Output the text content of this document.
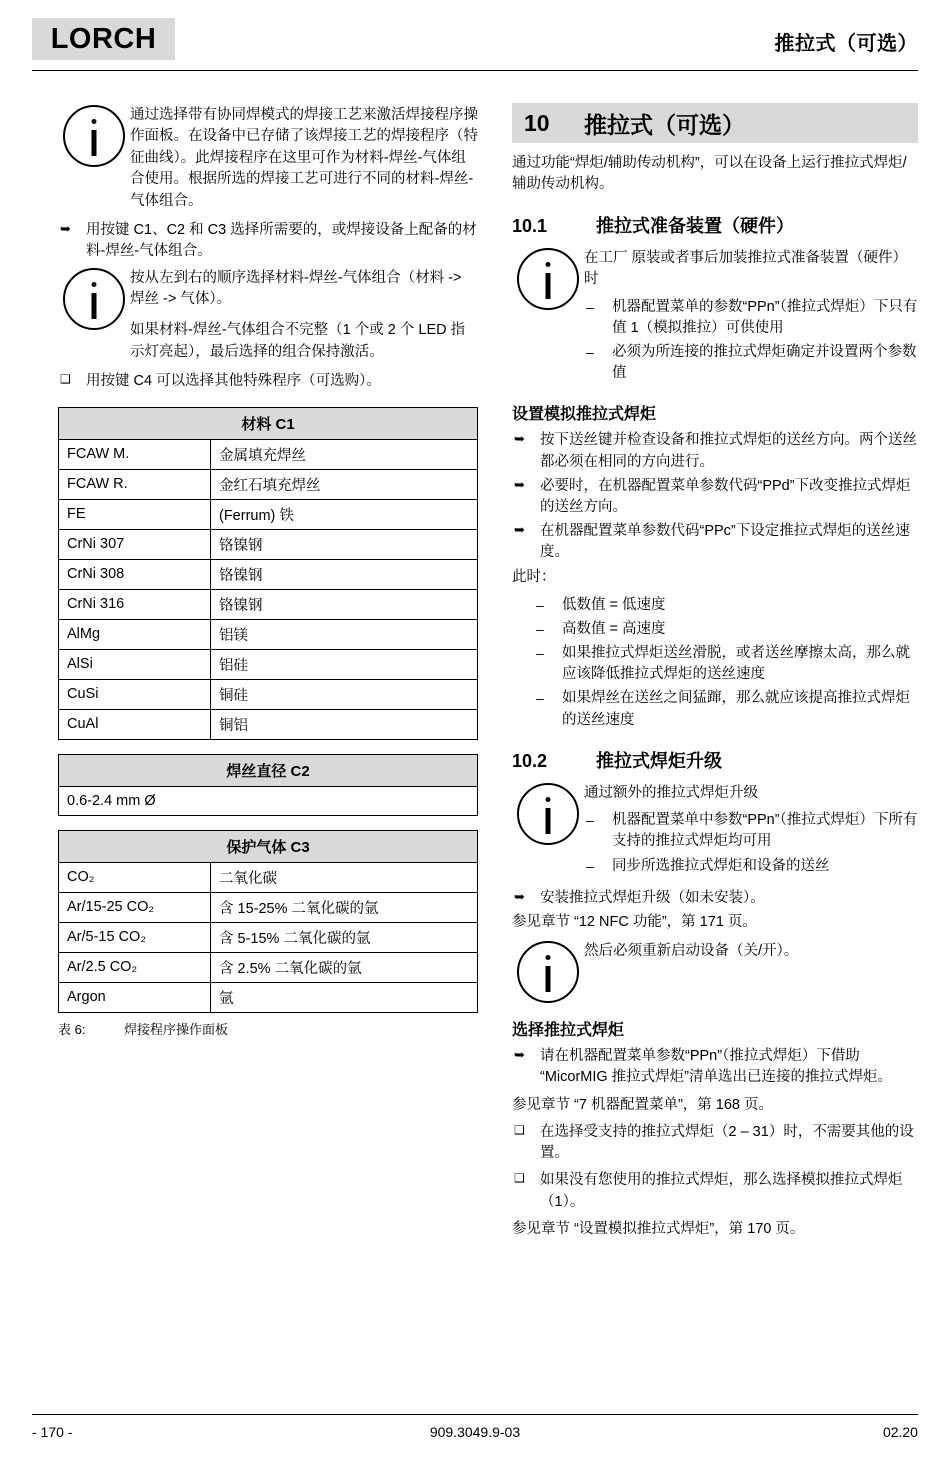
LORCH	推拉式（可选）
通过选择带有协同焊模式的焊接工艺来激活焊接程序操作面板。在设备中已存储了该焊接工艺的焊接程序（特征曲线）。此焊接程序在这里可作为材料-焊丝-气体组合使用。根据所选的焊接工艺可进行不同的材料-焊丝-气体组合。
➥	用按键 C1、C2 和 C3 选择所需要的，或焊接设备上配备的材料-焊丝-气体组合。
按从左到右的顺序选择材料-焊丝-气体组合（材料 -> 焊丝 -> 气体）。
如果材料-焊丝-气体组合不完整（1 个或 2 个 LED 指示灯亮起），最后选择的组合保持激活。
❑	用按键 C4 可以选择其他特殊程序（可选购）。
材料 C1	
FCAW M.	金属填充焊丝
FCAW R.	金红石填充焊丝
FE	(Ferrum) 铁
CrNi 307	铬镍钢
CrNi 308	铬镍钢
CrNi 316	铬镍钢
AlMg	铝镁
AlSi	铝硅
CuSi	铜硅
CuAl	铜铝
焊丝直径 C2
0.6-2.4 mm Ø
保护气体 C3	
CO₂	二氧化碳
Ar/15-25 CO₂	含 15-25% 二氧化碳的氩
Ar/5-15 CO₂	含 5-15% 二氧化碳的氩
Ar/2.5 CO₂	含 2.5% 二氧化碳的氩
Argon	氩
表 6:	焊接程序操作面板
10	推拉式（可选）
通过功能“焊炬/辅助传动机构”，可以在设备上运行推拉式焊炬/辅助传动机构。
10.1	推拉式准备装置（硬件）
在工厂 原装或者事后加装推拉式准备装置（硬件）时
–	机器配置菜单的参数“PPn”（推拉式焊炬）下只有值 1（模拟推拉）可供使用
–	必须为所连接的推拉式焊炬确定并设置两个参数值
设置模拟推拉式焊炬
➥	按下送丝键并检查设备和推拉式焊炬的送丝方向。两个送丝都必须在相同的方向进行。
➥	必要时，在机器配置菜单参数代码“PPd”下改变推拉式焊炬的送丝方向。
➥	在机器配置菜单参数代码“PPc”下设定推拉式焊炬的送丝速度。
此时：
–	低数值 = 低速度
–	高数值 = 高速度
–	如果推拉式焊炬送丝滑脱，或者送丝摩擦太高，那么就应该降低推拉式焊炬的送丝速度
–	如果焊丝在送丝之间猛蹿，那么就应该提高推拉式焊炬的送丝速度
10.2	推拉式焊炬升级
通过额外的推拉式焊炬升级
–	机器配置菜单中参数“PPn”（推拉式焊炬）下所有支持的推拉式焊炬均可用
–	同步所选推拉式焊炬和设备的送丝
➥	安装推拉式焊炬升级（如未安装）。
参见章节 “12 NFC 功能”，第 171 页。
然后必须重新启动设备（关/开）。
选择推拉式焊炬
➥	请在机器配置菜单参数“PPn”（推拉式焊炬）下借助 “MicorMIG 推拉式焊炬”清单选出已连接的推拉式焊炬。
参见章节 “7 机器配置菜单”，第 168 页。
❑	在选择受支持的推拉式焊炬（2 – 31）时，不需要其他的设置。
❑	如果没有您使用的推拉式焊炬，那么选择模拟推拉式焊炬（1）。
参见章节 “设置模拟推拉式焊炬”，第 170 页。
- 170 -	909.3049.9-03	02.20
